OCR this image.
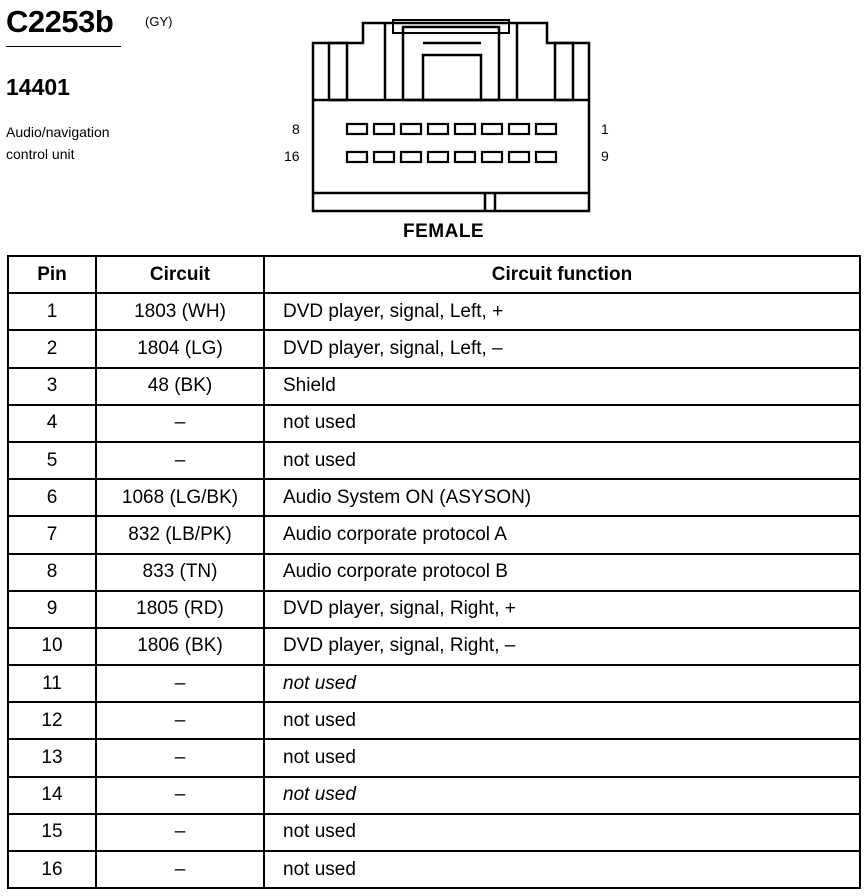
C2253b (GY)
14401
Audio/navigation
control unit
8
16
1
9
FEMALE
Pin	Circuit	Circuit function
1	1803 (WH)	DVD player, signal, Left, +
2	1804 (LG)	DVD player, signal, Left, –
3	48 (BK)	Shield
4	–	not used
5	–	not used
6	1068 (LG/BK)	Audio System ON (ASYSON)
7	832 (LB/PK)	Audio corporate protocol A
8	833 (TN)	Audio corporate protocol B
9	1805 (RD)	DVD player, signal, Right, +
10	1806 (BK)	DVD player, signal, Right, –
11	–	not used
12	–	not used
13	–	not used
14	–	not used
15	–	not used
16	–	not used
